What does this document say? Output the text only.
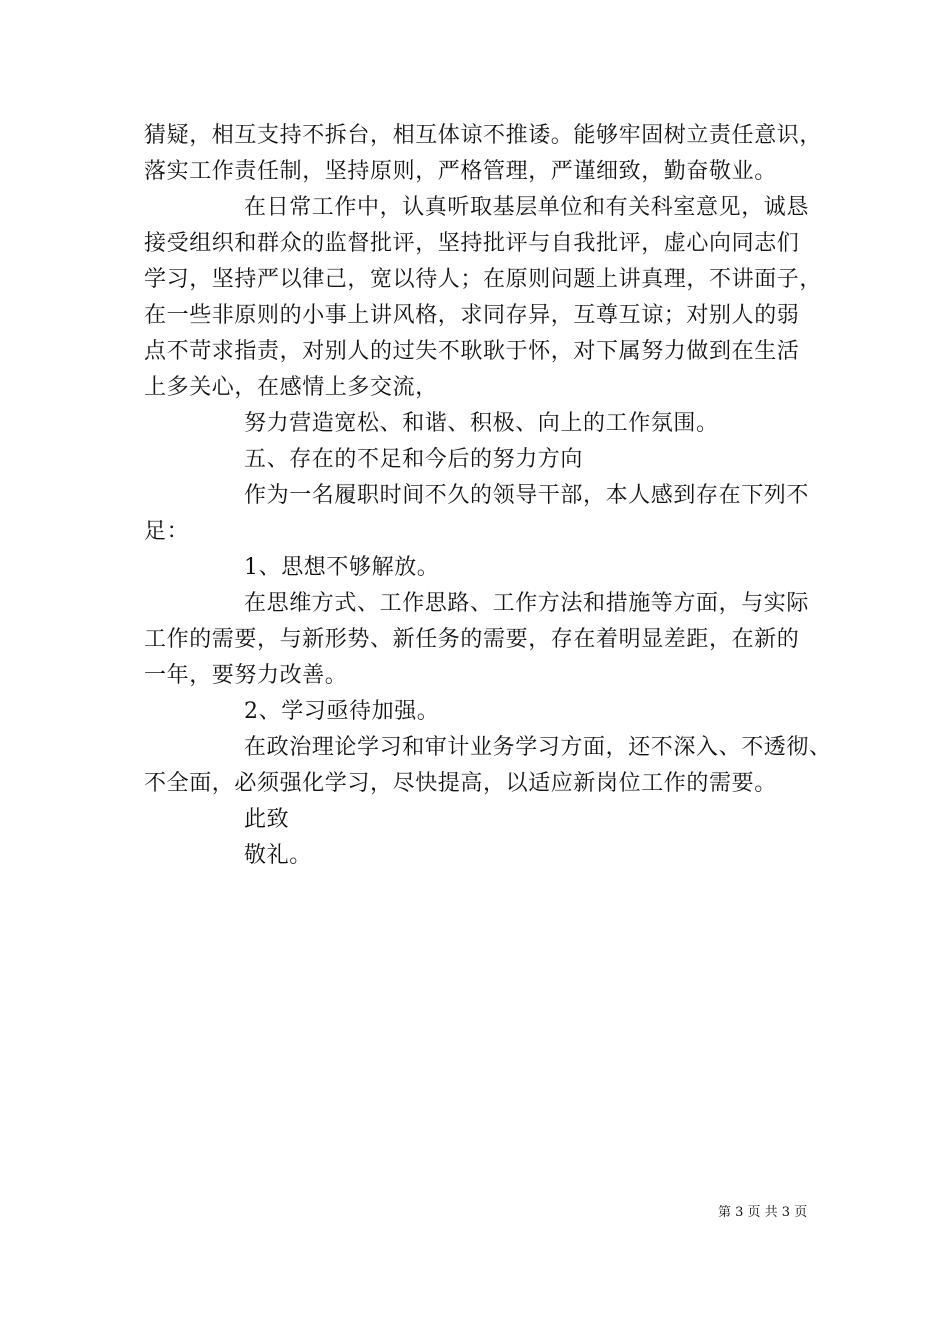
猜疑，相互支持不拆台，相互体谅不推诿。能够牢固树立责任意识，
落实工作责任制，坚持原则，严格管理，严谨细致，勤奋敬业。
在日常工作中，认真听取基层单位和有关科室意见，诚恳
接受组织和群众的监督批评，坚持批评与自我批评，虚心向同志们
学习，坚持严以律己，宽以待人；在原则问题上讲真理，不讲面子，
在一些非原则的小事上讲风格，求同存异，互尊互谅；对别人的弱
点不苛求指责，对别人的过失不耿耿于怀，对下属努力做到在生活
上多关心，在感情上多交流，
努力营造宽松、和谐、积极、向上的工作氛围。
五、存在的不足和今后的努力方向
作为一名履职时间不久的领导干部，本人感到存在下列不
足：
1、思想不够解放。
在思维方式、工作思路、工作方法和措施等方面，与实际
工作的需要，与新形势、新任务的需要，存在着明显差距，在新的
一年，要努力改善。
2、学习亟待加强。
在政治理论学习和审计业务学习方面，还不深入、不透彻、
不全面，必须强化学习，尽快提高，以适应新岗位工作的需要。
此致
敬礼。
第 3 页 共 3 页
